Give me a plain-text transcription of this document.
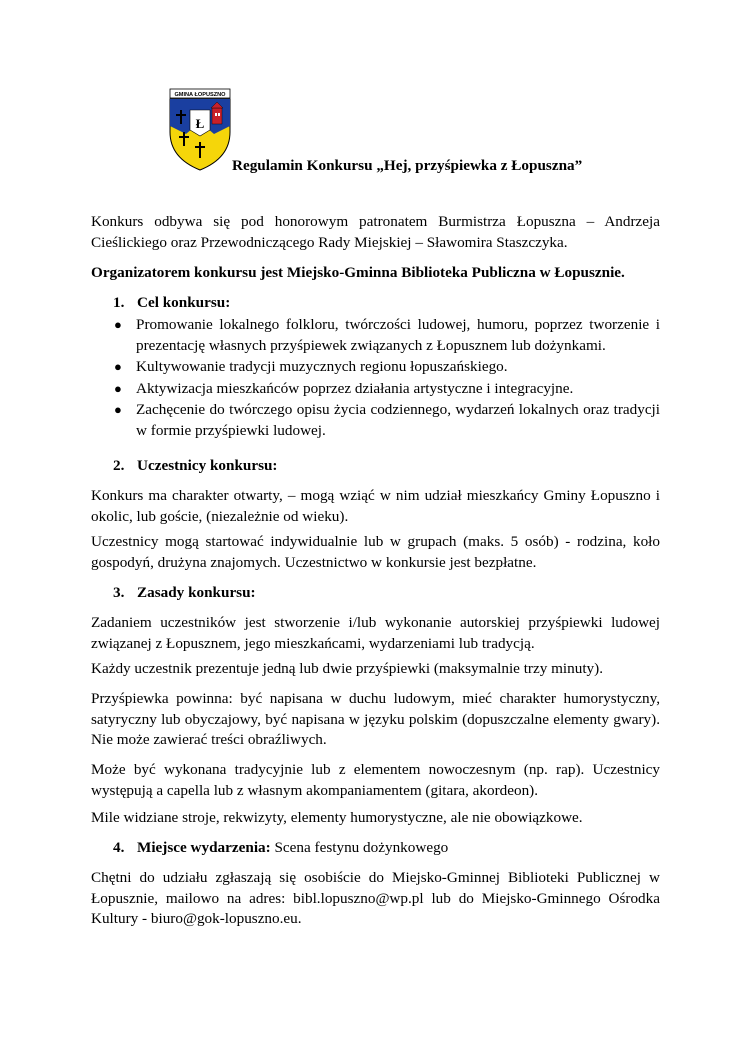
GMINA ŁOPUSZNO
Ł
Regulamin Konkursu „Hej, przyśpiewka z Łopuszna”
Konkurs odbywa się pod honorowym patronatem Burmistrza Łopuszna – Andrzeja Cieślickiego oraz Przewodniczącego Rady Miejskiej – Sławomira Staszczyka.
Organizatorem konkursu jest Miejsko-Gminna Biblioteka Publiczna w Łopusznie.
1. Cel konkursu:
● Promowanie lokalnego folkloru, twórczości ludowej, humoru, poprzez tworzenie i prezentację własnych przyśpiewek związanych z Łopusznem lub dożynkami.
● Kultywowanie tradycji muzycznych regionu łopuszańskiego.
● Aktywizacja mieszkańców poprzez działania artystyczne i integracyjne.
● Zachęcenie do twórczego opisu życia codziennego, wydarzeń lokalnych oraz tradycji w formie przyśpiewki ludowej.
2. Uczestnicy konkursu:
Konkurs ma charakter otwarty, – mogą wziąć w nim udział mieszkańcy Gminy Łopuszno i okolic, lub goście, (niezależnie od wieku).
Uczestnicy mogą startować indywidualnie lub w grupach (maks. 5 osób) - rodzina, koło gospodyń, drużyna znajomych. Uczestnictwo w konkursie jest bezpłatne.
3. Zasady konkursu:
Zadaniem uczestników jest stworzenie i/lub wykonanie autorskiej przyśpiewki ludowej związanej z Łopusznem, jego mieszkańcami, wydarzeniami lub tradycją.
Każdy uczestnik prezentuje jedną lub dwie przyśpiewki (maksymalnie trzy minuty).
Przyśpiewka powinna: być napisana w duchu ludowym, mieć charakter humorystyczny, satyryczny lub obyczajowy, być napisana w języku polskim (dopuszczalne elementy gwary). Nie może zawierać treści obraźliwych.
Może być wykonana tradycyjnie lub z elementem nowoczesnym (np. rap). Uczestnicy występują a capella lub z własnym akompaniamentem (gitara, akordeon).
Mile widziane stroje, rekwizyty, elementy humorystyczne, ale nie obowiązkowe.
4. Miejsce wydarzenia: Scena festynu dożynkowego
Chętni do udziału zgłaszają się osobiście do Miejsko-Gminnej Biblioteki Publicznej w Łopusznie, mailowo na adres: bibl.lopuszno@wp.pl lub do Miejsko-Gminnego Ośrodka Kultury - biuro@gok-lopuszno.eu.
